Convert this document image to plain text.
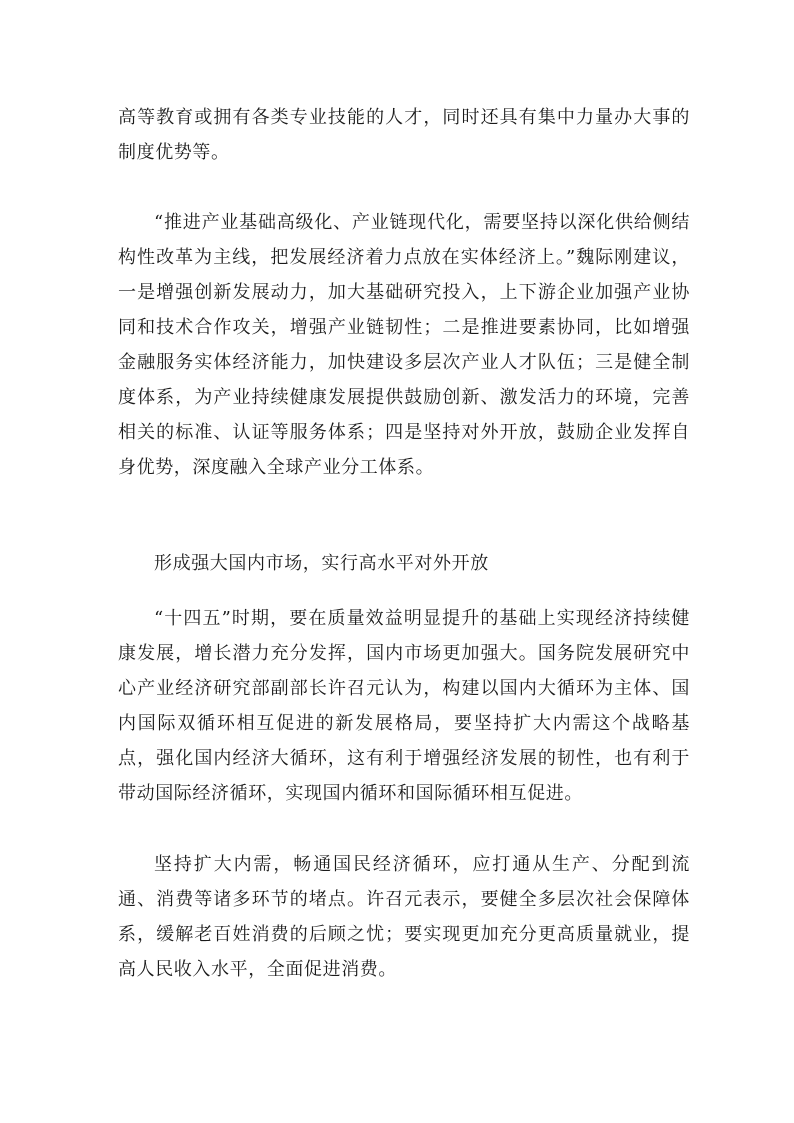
高等教育或拥有各类专业技能的人才，同时还具有集中力量办大事的制度优势等。

“推进产业基础高级化、产业链现代化，需要坚持以深化供给侧结构性改革为主线，把发展经济着力点放在实体经济上。”魏际刚建议，一是增强创新发展动力，加大基础研究投入，上下游企业加强产业协同和技术合作攻关，增强产业链韧性；二是推进要素协同，比如增强金融服务实体经济能力，加快建设多层次产业人才队伍；三是健全制度体系，为产业持续健康发展提供鼓励创新、激发活力的环境，完善相关的标准、认证等服务体系；四是坚持对外开放，鼓励企业发挥自身优势，深度融入全球产业分工体系。

形成强大国内市场，实行高水平对外开放

“十四五”时期，要在质量效益明显提升的基础上实现经济持续健康发展，增长潜力充分发挥，国内市场更加强大。国务院发展研究中心产业经济研究部副部长许召元认为，构建以国内大循环为主体、国内国际双循环相互促进的新发展格局，要坚持扩大内需这个战略基点，强化国内经济大循环，这有利于增强经济发展的韧性，也有利于带动国际经济循环，实现国内循环和国际循环相互促进。

坚持扩大内需，畅通国民经济循环，应打通从生产、分配到流通、消费等诸多环节的堵点。许召元表示，要健全多层次社会保障体系，缓解老百姓消费的后顾之忧；要实现更加充分更高质量就业，提高人民收入水平，全面促进消费。
